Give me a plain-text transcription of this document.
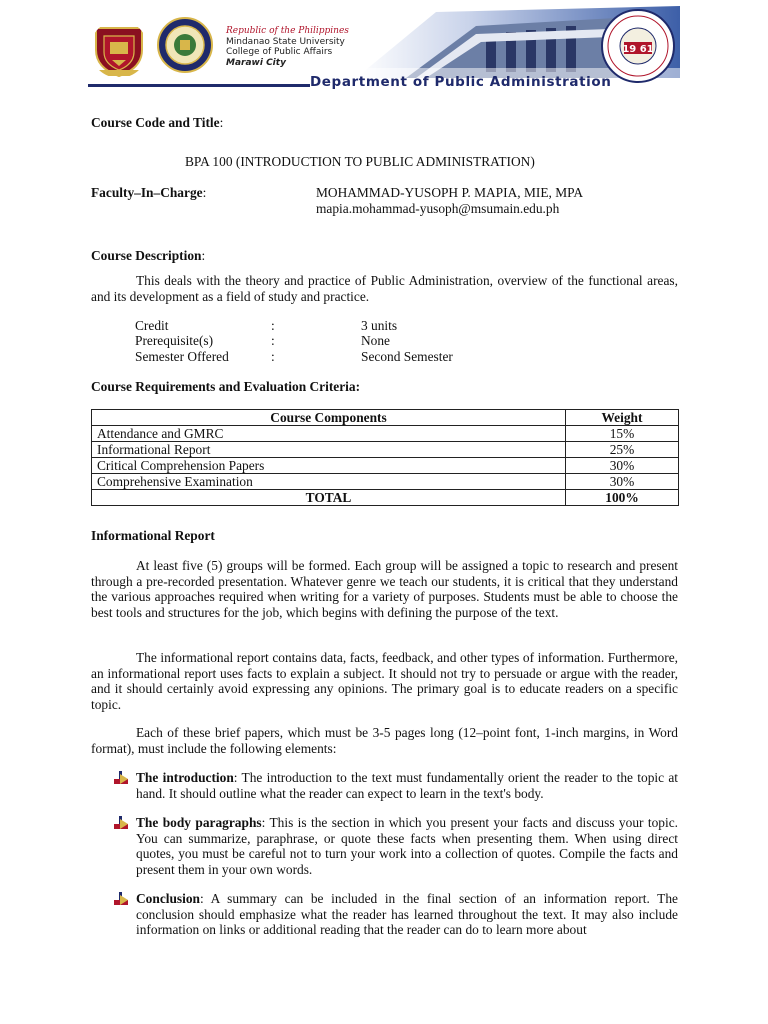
Republic of the Philippines
Mindanao State University
College of Public Affairs
Marawi City
19 61
Department of Public Administration
Course Code and Title:
BPA 100 (INTRODUCTION TO PUBLIC ADMINISTRATION)
Faculty–In–Charge:	MOHAMMAD-YUSOPH P. MAPIA, MIE, MPA
mapia.mohammad-yusoph@msumain.edu.ph
Course Description:

This deals with the theory and practice of Public Administration, overview of the functional areas, and its development as a field of study and practice.

Credit	:	3 units
Prerequisite(s)	:	None
Semester Offered	:	Second Semester
Course Requirements and Evaluation Criteria:
Course Components	Weight
Attendance and GMRC	15%
Informational Report	25%
Critical Comprehension Papers	30%
Comprehensive Examination	30%
TOTAL	100%
Informational Report

At least five (5) groups will be formed. Each group will be assigned a topic to research and present through a pre-recorded presentation. Whatever genre we teach our students, it is critical that they understand the various approaches required when writing for a variety of purposes. Students must be able to choose the best tools and structures for the job, which begins with defining the purpose of the text.

The informational report contains data, facts, feedback, and other types of information. Furthermore, an informational report uses facts to explain a subject. It should not try to persuade or argue with the reader, and it should certainly avoid expressing any opinions. The primary goal is to educate readers on a specific topic.

Each of these brief papers, which must be 3-5 pages long (12–point font, 1-inch margins, in Word format), must include the following elements:

The introduction: The introduction to the text must fundamentally orient the reader to the topic at hand. It should outline what the reader can expect to learn in the text's body.
The body paragraphs: This is the section in which you present your facts and discuss your topic. You can summarize, paraphrase, or quote these facts when presenting them. When using direct quotes, you must be careful not to turn your work into a collection of quotes. Compile the facts and present them in your own words.
Conclusion: A summary can be included in the final section of an information report. The conclusion should emphasize what the reader has learned throughout the text. It may also include information on links or additional reading that the reader can do to learn more about
